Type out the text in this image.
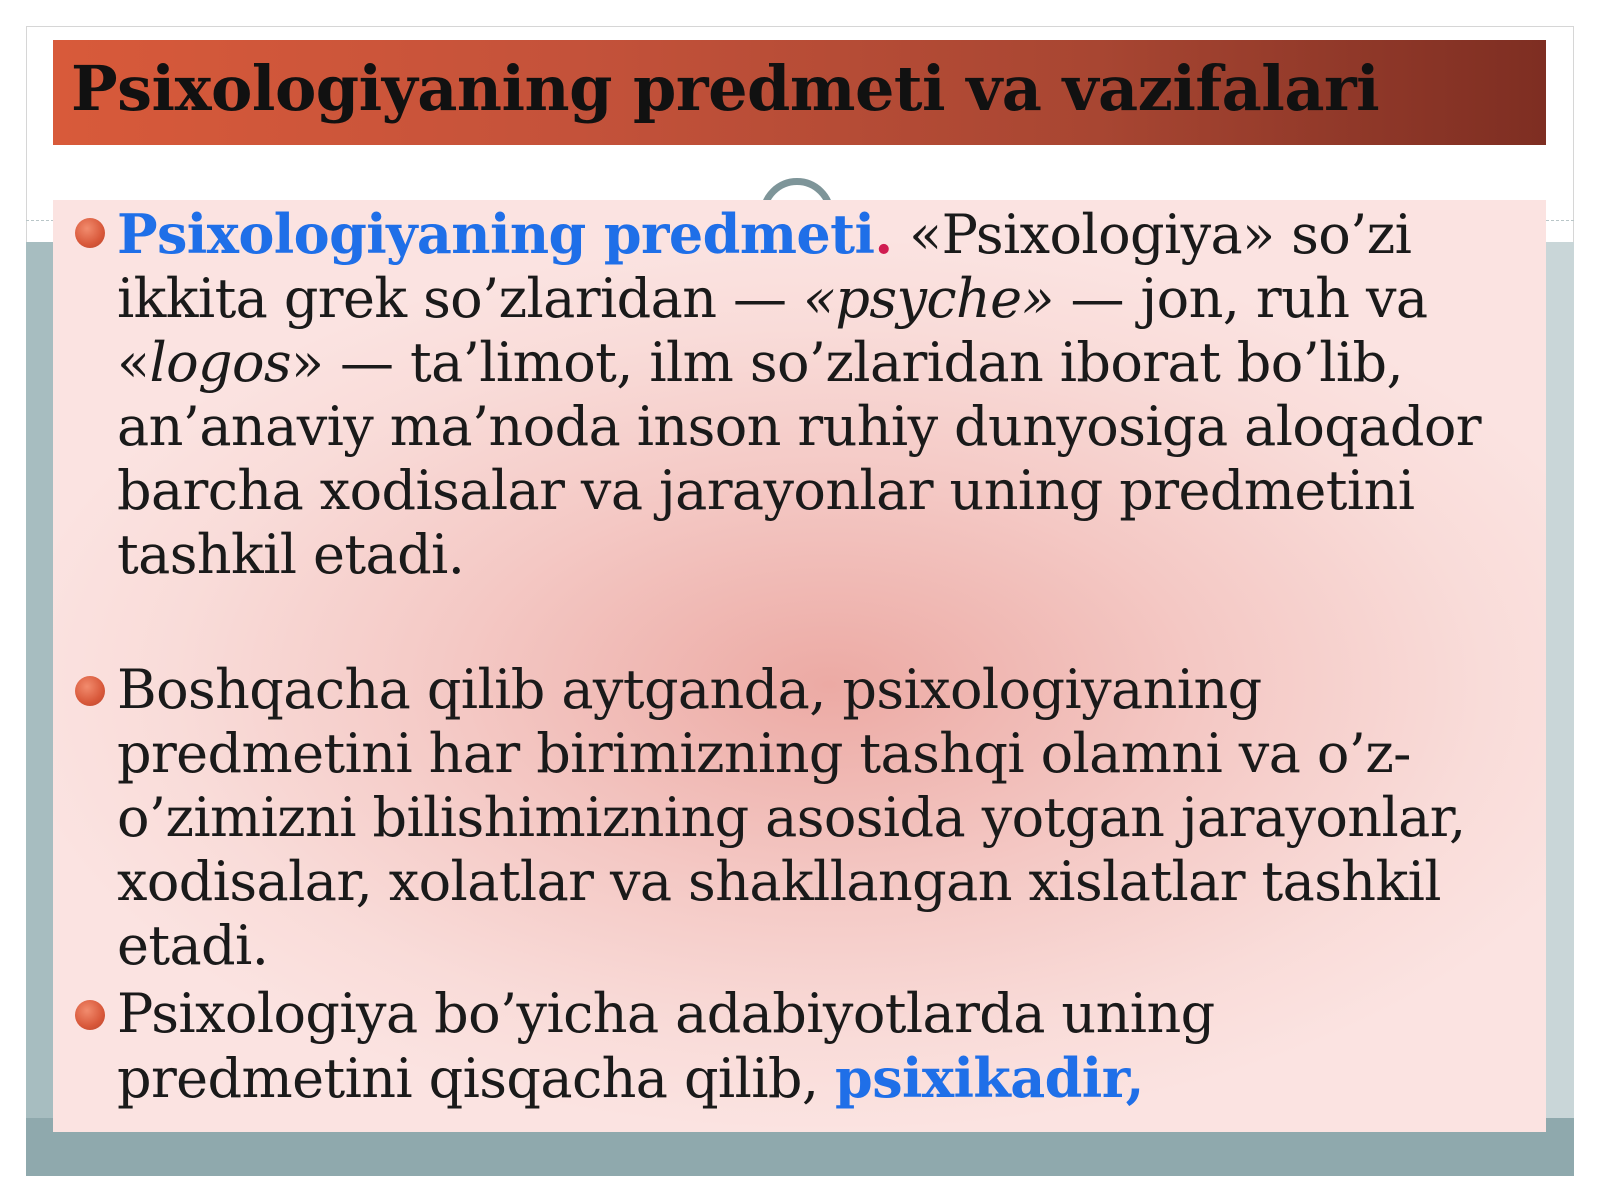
Psixologiyaning predmeti va vazifalari
Psixologiyaning predmeti. «Psixologiya» so’zi ikkita grek so’zlaridan — «psyche» — jon, ruh va «logos» — ta’limot, ilm so’zlaridan iborat bo’lib, an’anaviy ma’noda inson ruhiy dunyosiga aloqador barcha xodisalar va jarayonlar uning predmetini tashkil etadi.
Boshqacha qilib aytganda, psixologiyaning predmetini har birimizning tashqi olamni va o’z-o’zimizni bilishimizning asosida yotgan jarayonlar, xodisalar, xolatlar va shakllangan xislatlar tashkil etadi.
Psixologiya bo’yicha adabiyotlarda uning predmetini qisqacha qilib, psixikadir,
